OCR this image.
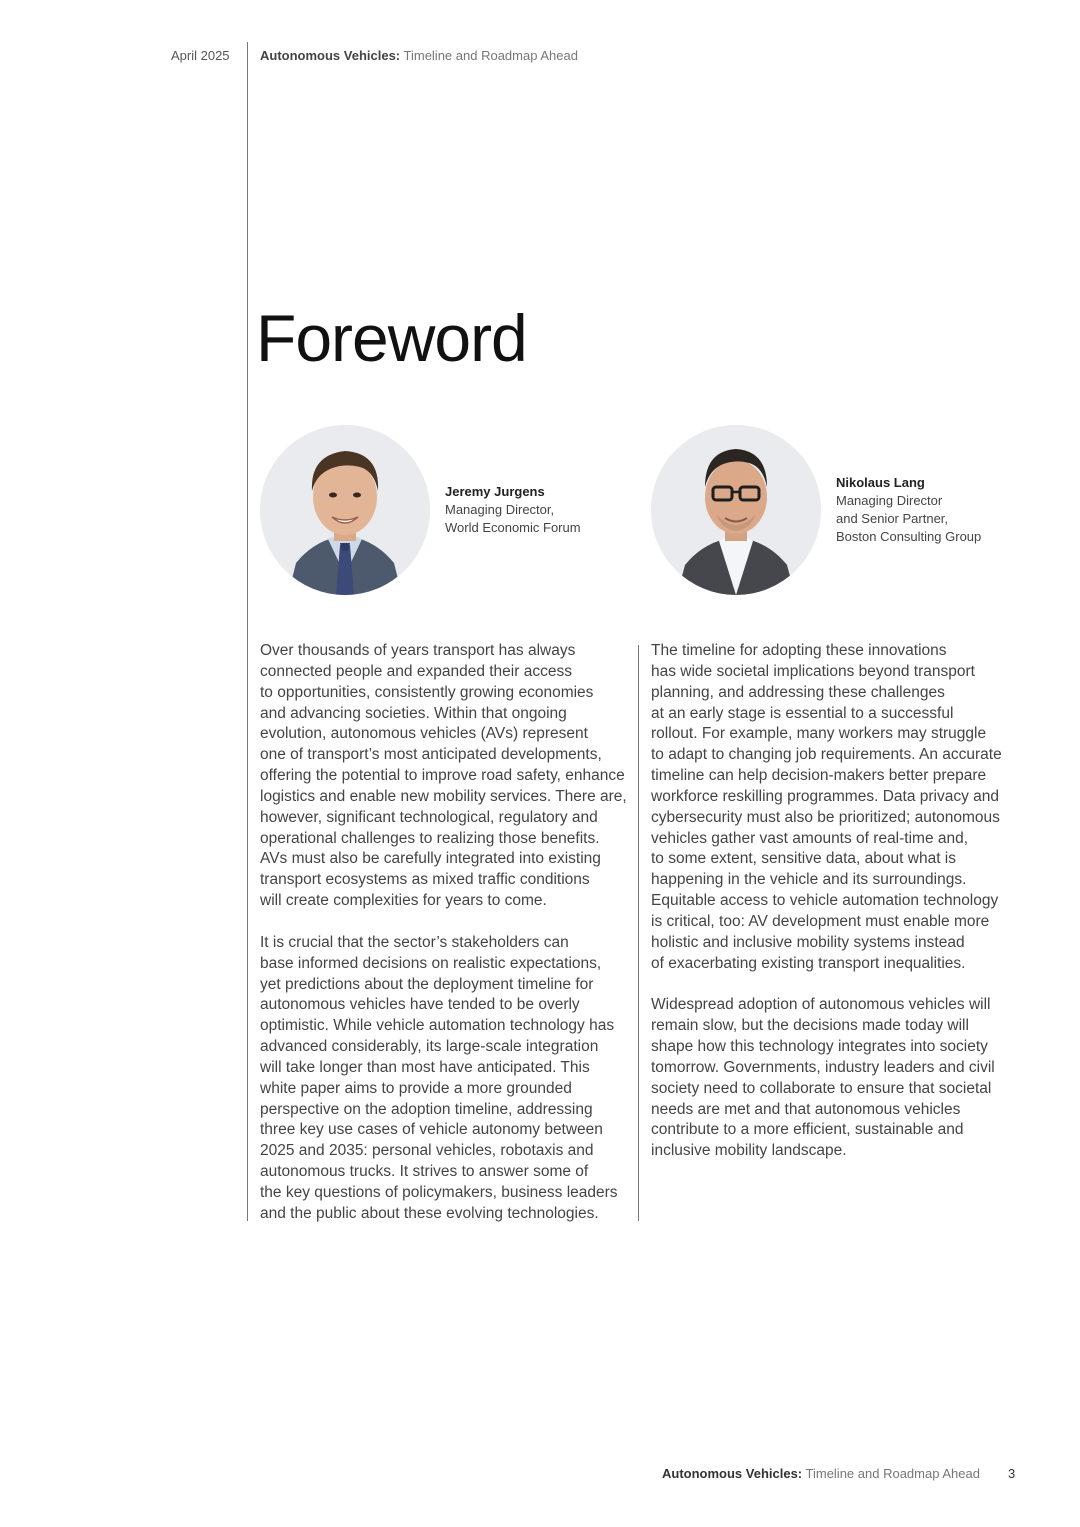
April 2025 Autonomous Vehicles: Timeline and Roadmap Ahead
Foreword
Jeremy Jurgens
Managing Director,
World Economic Forum
Nikolaus Lang
Managing Director
and Senior Partner,
Boston Consulting Group

Over thousands of years transport has always
connected people and expanded their access
to opportunities, consistently growing economies
and advancing societies. Within that ongoing
evolution, autonomous vehicles (AVs) represent
one of transport’s most anticipated developments,
offering the potential to improve road safety, enhance
logistics and enable new mobility services. There are,
however, significant technological, regulatory and
operational challenges to realizing those benefits.
AVs must also be carefully integrated into existing
transport ecosystems as mixed traffic conditions
will create complexities for years to come.

It is crucial that the sector’s stakeholders can
base informed decisions on realistic expectations,
yet predictions about the deployment timeline for
autonomous vehicles have tended to be overly
optimistic. While vehicle automation technology has
advanced considerably, its large-scale integration
will take longer than most have anticipated. This
white paper aims to provide a more grounded
perspective on the adoption timeline, addressing
three key use cases of vehicle autonomy between
2025 and 2035: personal vehicles, robotaxis and
autonomous trucks. It strives to answer some of
the key questions of policymakers, business leaders
and the public about these evolving technologies.

The timeline for adopting these innovations
has wide societal implications beyond transport
planning, and addressing these challenges
at an early stage is essential to a successful
rollout. For example, many workers may struggle
to adapt to changing job requirements. An accurate
timeline can help decision-makers better prepare
workforce reskilling programmes. Data privacy and
cybersecurity must also be prioritized; autonomous
vehicles gather vast amounts of real-time and,
to some extent, sensitive data, about what is
happening in the vehicle and its surroundings.
Equitable access to vehicle automation technology
is critical, too: AV development must enable more
holistic and inclusive mobility systems instead
of exacerbating existing transport inequalities.

Widespread adoption of autonomous vehicles will
remain slow, but the decisions made today will
shape how this technology integrates into society
tomorrow. Governments, industry leaders and civil
society need to collaborate to ensure that societal
needs are met and that autonomous vehicles
contribute to a more efficient, sustainable and
inclusive mobility landscape.

Autonomous Vehicles: Timeline and Roadmap Ahead 3
